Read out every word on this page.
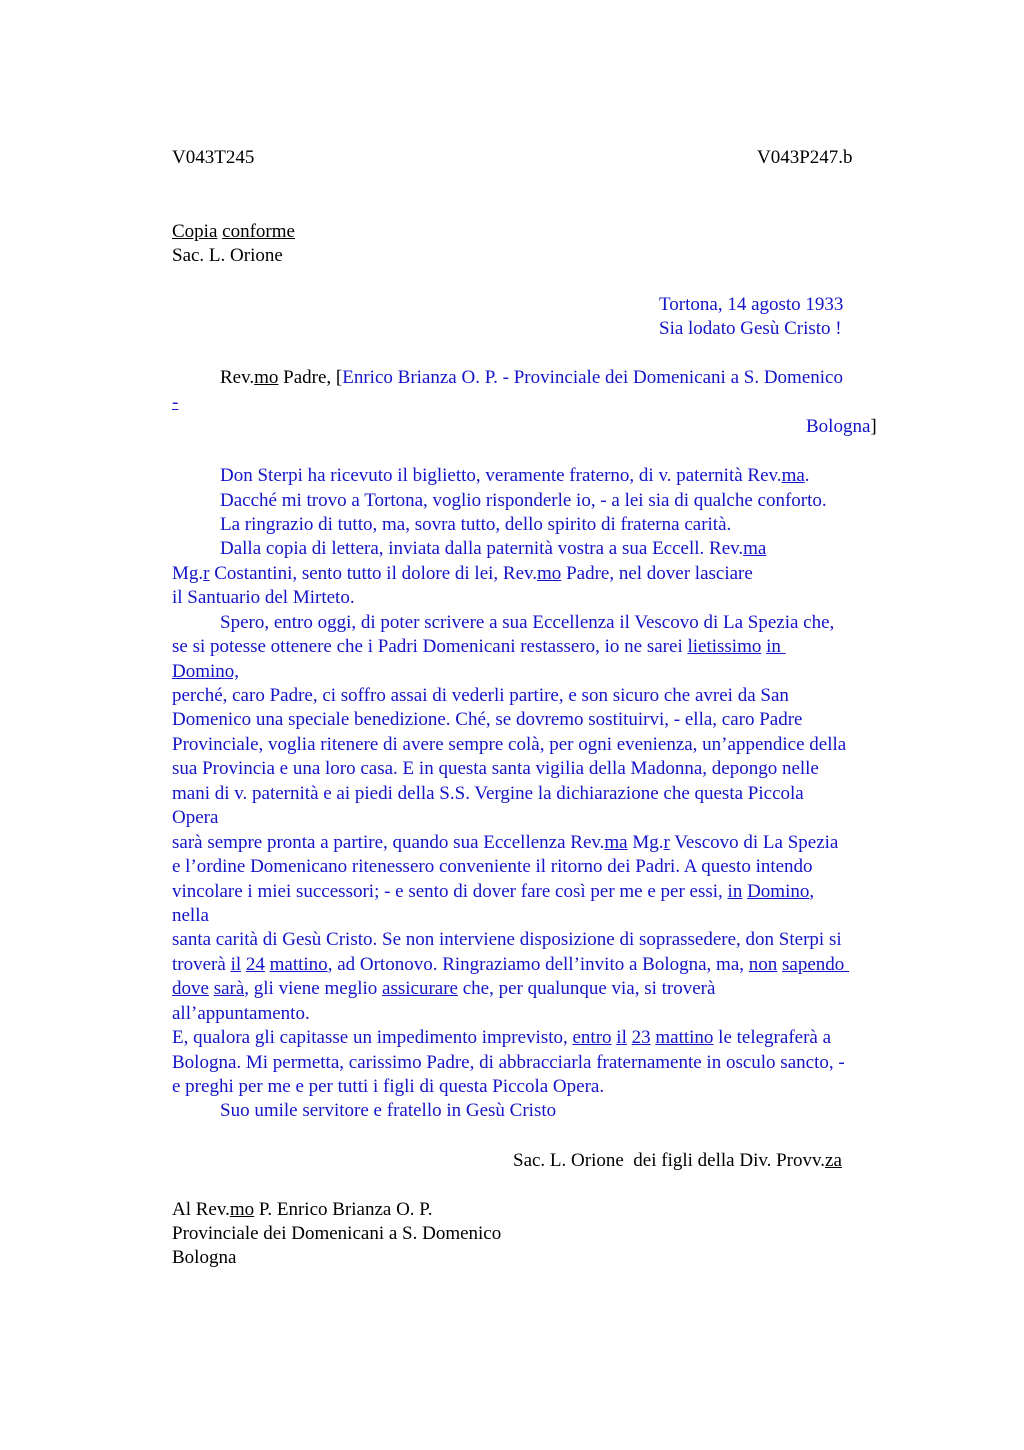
V043T245	V043P247.b
Copia conforme
Sac. L. Orione
Tortona, 14 agosto 1933
Sia lodato Gesù Cristo !
Rev.mo Padre, [Enrico Brianza O. P. - Provinciale dei Domenicani a S. Domenico
-
Bologna]
Don Sterpi ha ricevuto il biglietto, veramente fraterno, di v. paternità Rev.ma.
Dacché mi trovo a Tortona, voglio risponderle io, - a lei sia di qualche conforto.
La ringrazio di tutto, ma, sovra tutto, dello spirito di fraterna carità.
Dalla copia di lettera, inviata dalla paternità vostra a sua Eccell. Rev.ma
Mg.r Costantini, sento tutto il dolore di lei, Rev.mo Padre, nel dover lasciare
il Santuario del Mirteto.
Spero, entro oggi, di poter scrivere a sua Eccellenza il Vescovo di La Spezia che,
se si potesse ottenere che i Padri Domenicani restassero, io ne sarei lietissimo in
Domino,
perché, caro Padre, ci soffro assai di vederli partire, e son sicuro che avrei da San
Domenico una speciale benedizione. Ché, se dovremo sostituirvi, - ella, caro Padre
Provinciale, voglia ritenere di avere sempre colà, per ogni evenienza, un’appendice della
sua Provincia e una loro casa. E in questa santa vigilia della Madonna, depongo nelle
mani di v. paternità e ai piedi della S.S. Vergine la dichiarazione che questa Piccola
Opera
sarà sempre pronta a partire, quando sua Eccellenza Rev.ma Mg.r Vescovo di La Spezia
e l’ordine Domenicano ritenessero conveniente il ritorno dei Padri. A questo intendo
vincolare i miei successori; - e sento di dover fare così per me e per essi, in Domino,
nella
santa carità di Gesù Cristo. Se non interviene disposizione di soprassedere, don Sterpi si
troverà il 24 mattino, ad Ortonovo. Ringraziamo dell’invito a Bologna, ma, non sapendo
dove sarà, gli viene meglio assicurare che, per qualunque via, si troverà
all’appuntamento.
E, qualora gli capitasse un impedimento imprevisto, entro il 23 mattino le telegraferà a
Bologna. Mi permetta, carissimo Padre, di abbracciarla fraternamente in osculo sancto, -
e preghi per me e per tutti i figli di questa Piccola Opera.
Suo umile servitore e fratello in Gesù Cristo
Sac. L. Orione  dei figli della Div. Provv.za
Al Rev.mo P. Enrico Brianza O. P.
Provinciale dei Domenicani a S. Domenico
Bologna
